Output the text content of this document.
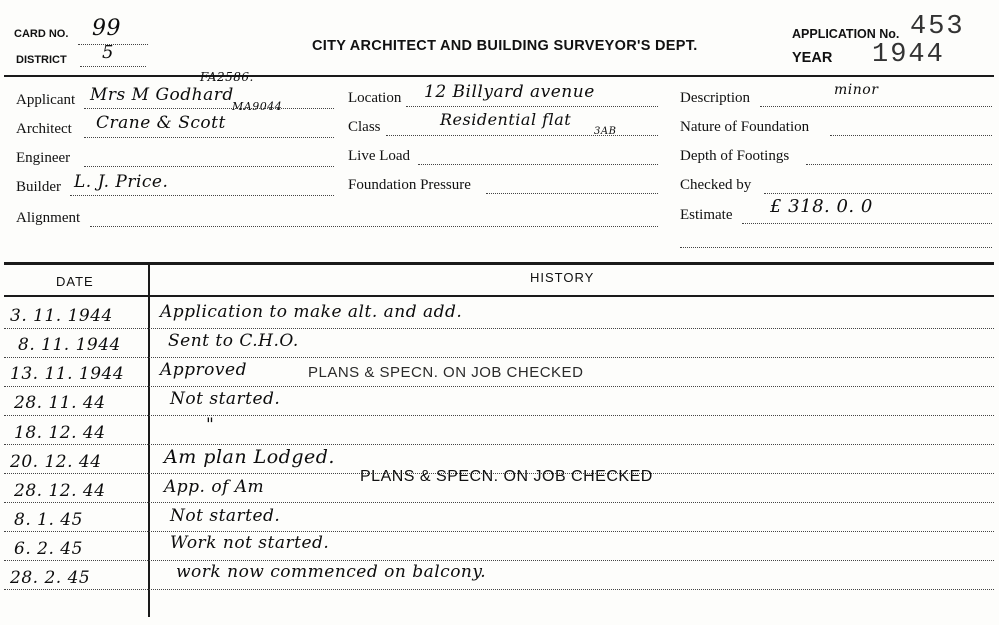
CARD NO. 99
DISTRICT 5	CITY ARCHITECT AND BUILDING SURVEYOR'S DEPT.
APPLICATION No. 453
YEAR 1944
Applicant Mrs M Godhard
FA2586.
Architect Crane & Scott
MA9044
Engineer
Builder L. J. Price.
Alignment
Location 12 Billyard avenue
Class	Residential flat
3AB
Live Load
Foundation Pressure
Description	minor
Nature of Foundation
Depth of Footings
Checked by
Estimate £ 318. 0. 0
DATE	HISTORY
3. 11. 1944	Application to make alt. and add.
8. 11. 1944	Sent to C.H.O.
13. 11. 1944 Approved	PLANS & SPECN. ON JOB CHECKED
28. 11. 44	Not started.
18. 12. 44	"
20. 12. 44	Am plan Lodged.
PLANS & SPECN. ON JOB CHECKED
28. 12. 44	App. of Am
8. 1. 45	Not started.
6. 2. 45	Work not started.
28. 2. 45	work now commenced on balcony.
